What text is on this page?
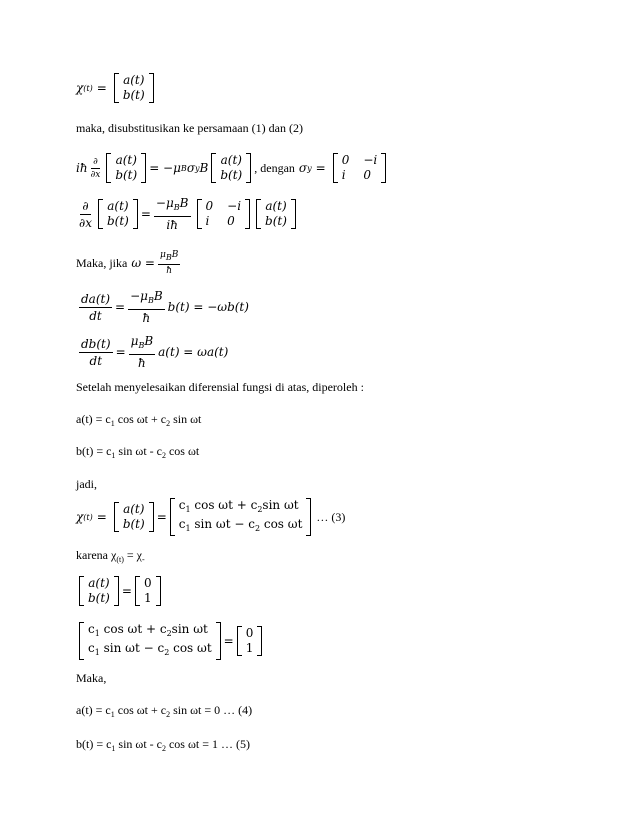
χ (t) =
a(t)
b(t)
maka, disubstitusikan ke persamaan (1) dan (2)
iħ $\frac{\partial}{\partial x} a(t)$
b(t) = −μ B σ y B
a(t)
b(t)
, dengan σ y =
0 −i
i	0
$\frac{\partial}{\partial x} a(t)$
$b(t) = \frac{-\mu_BB}{iħ} 0 -i$
i	0
a(t)
b(t)
Maka, jika $\omega = \frac{\text{μBB}}{ħ}$
$\frac{da(t)}{dt} = \frac{-\mu_BB}{ħ} b(t) = -\omega b(t)$
$\frac{db(t)}{dt} = \frac{\mu_BB}{ħ} a(t) = \omega a(t)$
Setelah menyelesaikan diferensial fungsi di atas, diperoleh :
$a(t) = c_1$ $\cos \omega t + c_2$ sin ωt
$b(t) = c_1$ sin ωt - $c_2$ cos ωt
jadi,
χ (t) =
a(t)
b(t) =
$c_1$ $\cos \omega t + c_2\sin$ ωt
$c_1$ $\sin \omega t - c_2$ cos ωt
… (3)
karena $\chi_{(t)} = \chi_-$
a(t)
b(t) =
0
1
$c_1$ $\cos \omega t + c_2\sin$ ωt
$c_1$ $\sin \omega t - c_2$ cos ωt =
0
1
Maka,
$a(t) = c_1$ $\cos \omega t + c_2$ sin ωt = 0 … (4)
$b(t) = c_1$ sin ωt - $c_2$ cos ωt = 1 … (5)
